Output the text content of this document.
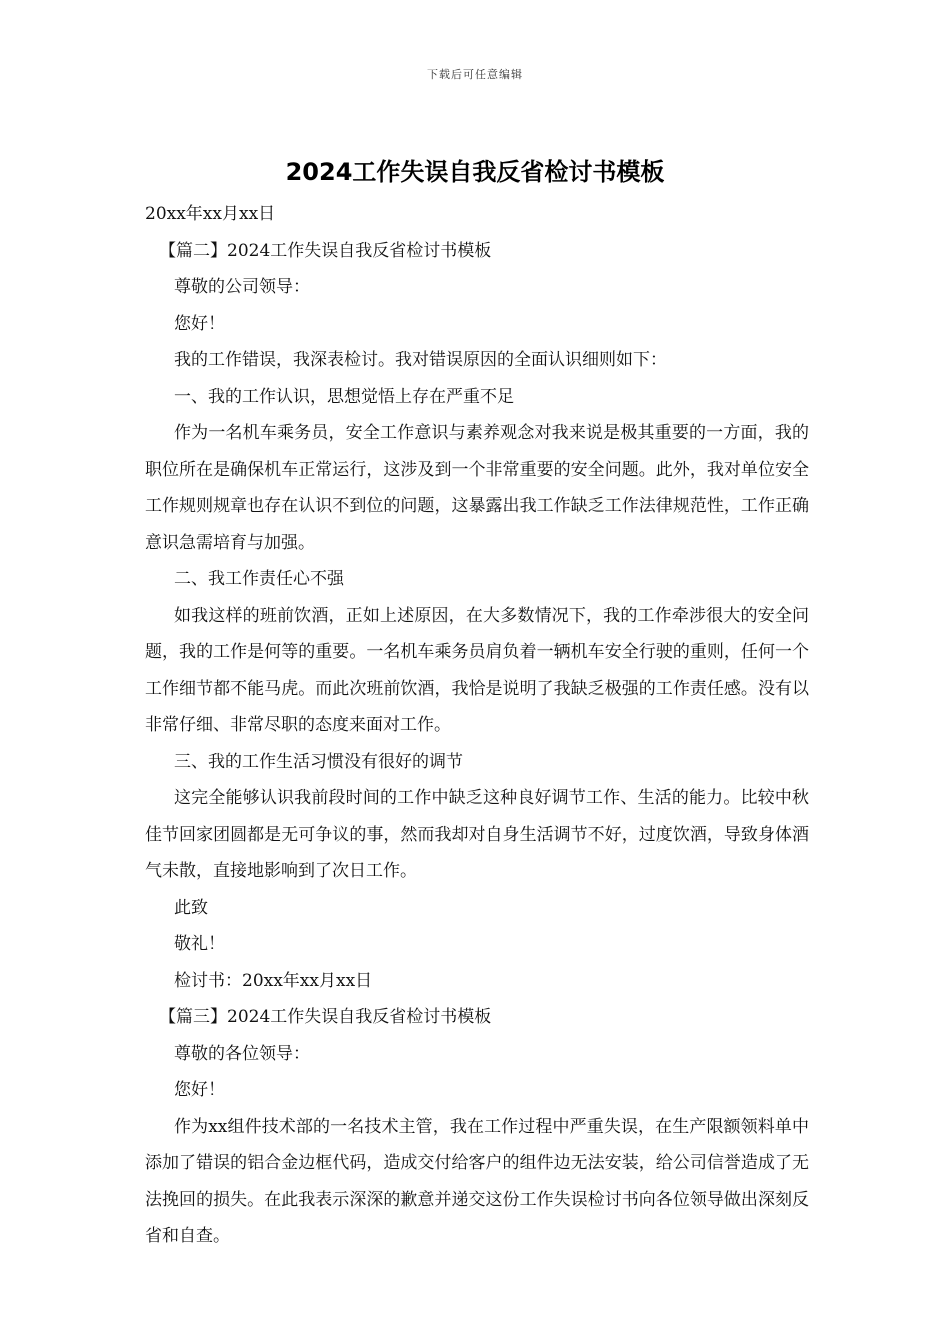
下载后可任意编辑
2024工作失误自我反省检讨书模板

20xx年xx月xx日

【篇二】2024工作失误自我反省检讨书模板

尊敬的公司领导：

您好！

我的工作错误，我深表检讨。我对错误原因的全面认识细则如下：

一、我的工作认识，思想觉悟上存在严重不足

作为一名机车乘务员，安全工作意识与素养观念对我来说是极其重要的一方面，我的职位所在是确保机车正常运行，这涉及到一个非常重要的安全问题。此外，我对单位安全工作规则规章也存在认识不到位的问题，这暴露出我工作缺乏工作法律规范性，工作正确意识急需培育与加强。

二、我工作责任心不强

如我这样的班前饮酒，正如上述原因，在大多数情况下，我的工作牵涉很大的安全问题，我的工作是何等的重要。一名机车乘务员肩负着一辆机车安全行驶的重则，任何一个工作细节都不能马虎。而此次班前饮酒，我恰是说明了我缺乏极强的工作责任感。没有以非常仔细、非常尽职的态度来面对工作。

三、我的工作生活习惯没有很好的调节

这完全能够认识我前段时间的工作中缺乏这种良好调节工作、生活的能力。比较中秋佳节回家团圆都是无可争议的事，然而我却对自身生活调节不好，过度饮酒，导致身体酒气未散，直接地影响到了次日工作。

此致

敬礼！

检讨书：20xx年xx月xx日

【篇三】2024工作失误自我反省检讨书模板

尊敬的各位领导：

您好！

作为xx组件技术部的一名技术主管，我在工作过程中严重失误，在生产限额领料单中添加了错误的铝合金边框代码，造成交付给客户的组件边无法安装，给公司信誉造成了无法挽回的损失。在此我表示深深的歉意并递交这份工作失误检讨书向各位领导做出深刻反省和自查。
